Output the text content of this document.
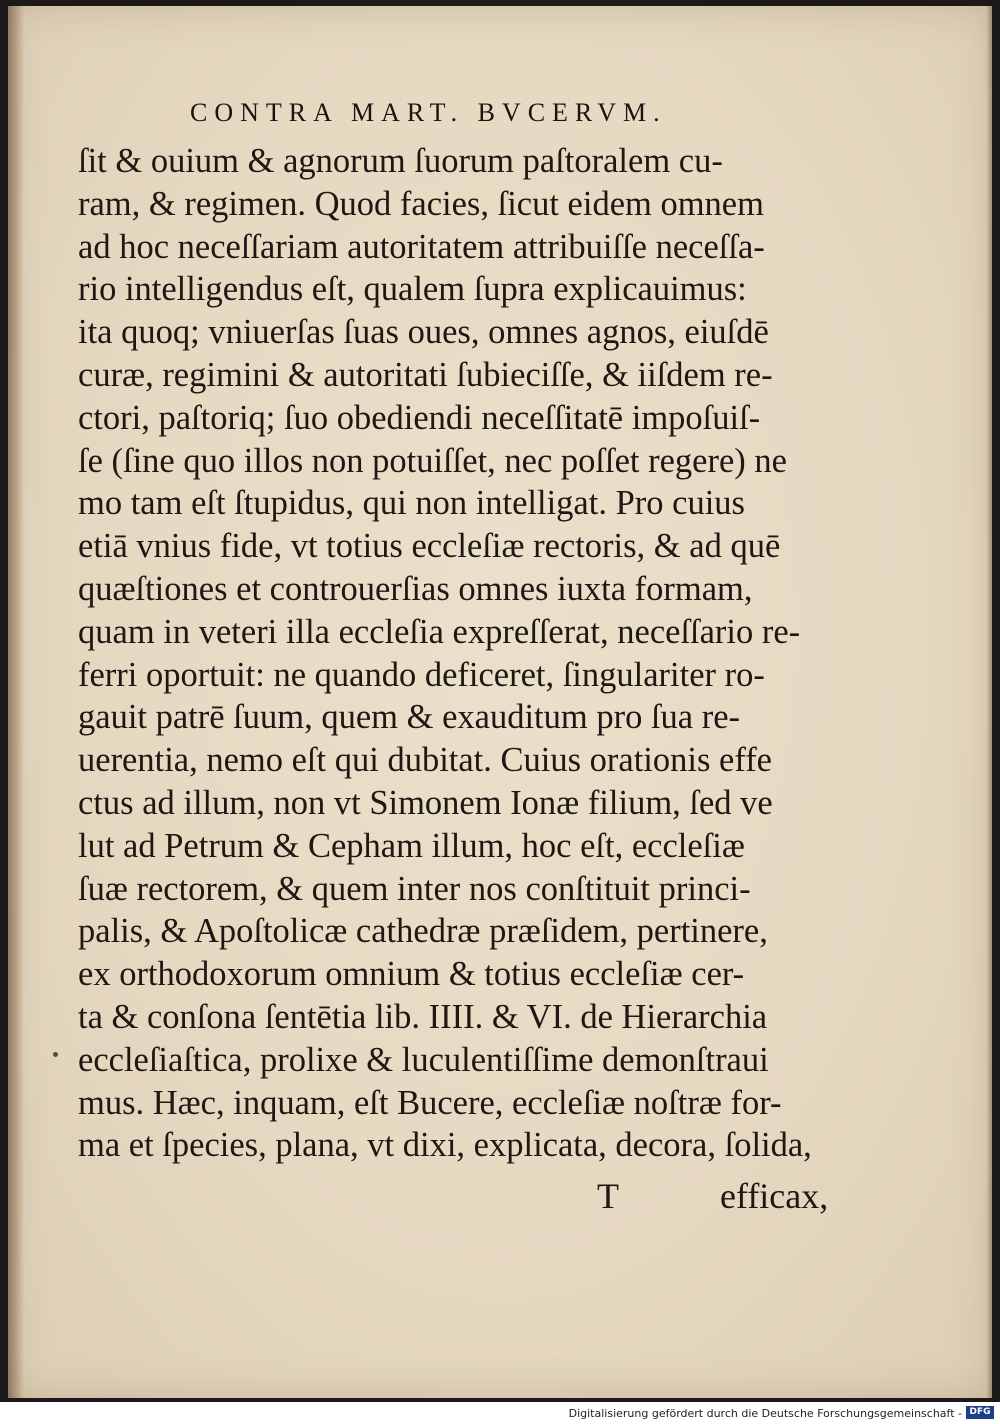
CONTRA MART. BVCERVM.
ſit & ouium & agnorum ſuorum paſtoralem cu-
ram, & regimen. Quod facies, ſicut eidem omnem
ad hoc neceſſariam autoritatem attribuiſſe neceſſa-
rio intelligendus eſt, qualem ſupra explicauimus:
ita quoq; vniuerſas ſuas oues, omnes agnos, eiuſdē
curæ, regimini & autoritati ſubieciſſe, & iiſdem re-
ctori, paſtoriq; ſuo obediendi neceſſitatē impoſuiſ-
ſe (ſine quo illos non potuiſſet, nec poſſet regere) ne
mo tam eſt ſtupidus, qui non intelligat. Pro cuius
etiā vnius fide, vt totius eccleſiæ rectoris, & ad quē
quæſtiones et controuerſias omnes iuxta formam,
quam in veteri illa eccleſia expreſſerat, neceſſario re-
ferri oportuit: ne quando deficeret, ſingulariter ro-
gauit patrē ſuum, quem & exauditum pro ſua re-
uerentia, nemo eſt qui dubitat. Cuius orationis effe
ctus ad illum, non vt Simonem Ionæ filium, ſed ve
lut ad Petrum & Cepham illum, hoc eſt, eccleſiæ
ſuæ rectorem, & quem inter nos conſtituit princi-
palis, & Apoſtolicæ cathedræ præſidem, pertinere,
ex orthodoxorum omnium & totius eccleſiæ cer-
ta & conſona ſentētia lib. IIII. & VI. de Hierarchia
eccleſiaſtica, prolixe & luculentiſſime demonſtraui
mus. Hæc, inquam, eſt Bucere, eccleſiæ noſtræ for-
ma et ſpecies, plana, vt dixi, explicata, decora, ſolida,
T	efficax,
Digitalisierung gefördert durch die Deutsche Forschungsgemeinschaft - DFG
